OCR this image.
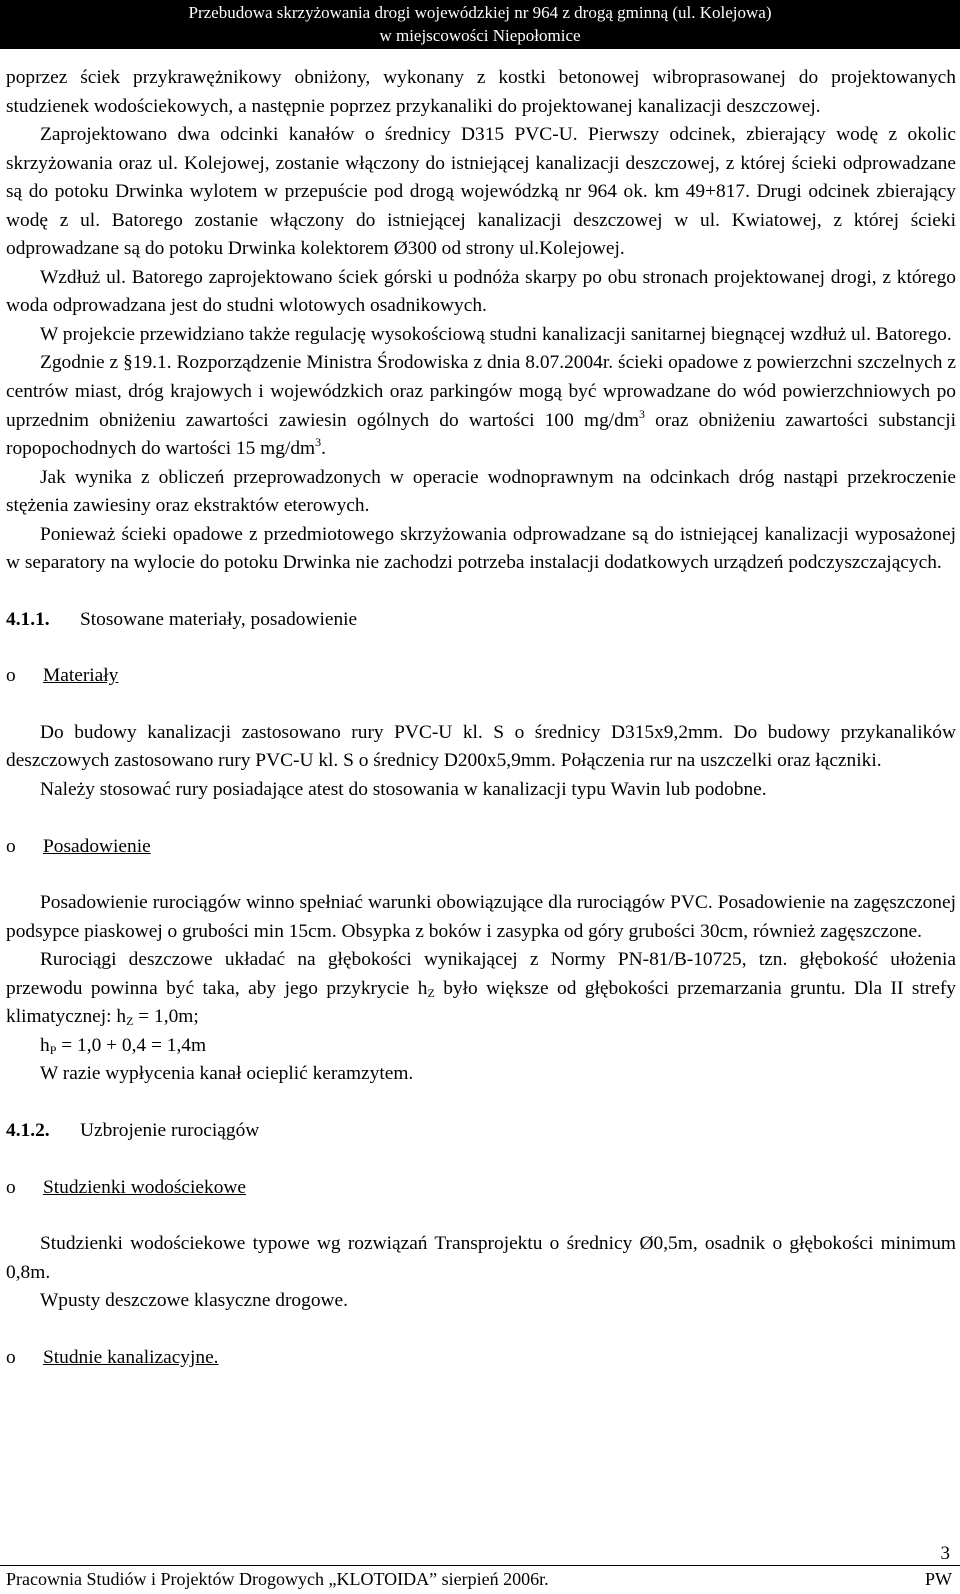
Przebudowa skrzyżowania drogi wojewódzkiej nr 964 z drogą gminną (ul. Kolejowa)
w miejscowości Niepołomice

poprzez ściek przykrawężnikowy obniżony, wykonany z kostki betonowej wibroprasowanej do projektowanych studzienek wodościekowych, a następnie poprzez przykanaliki do projektowanej kanalizacji deszczowej.

Zaprojektowano dwa odcinki kanałów o średnicy D315 PVC-U. Pierwszy odcinek, zbierający wodę z okolic skrzyżowania oraz ul. Kolejowej, zostanie włączony do istniejącej kanalizacji deszczowej, z której ścieki odprowadzane są do potoku Drwinka wylotem w przepuście pod drogą wojewódzką nr 964 ok. km 49+817. Drugi odcinek zbierający wodę z ul. Batorego zostanie włączony do istniejącej kanalizacji deszczowej w ul. Kwiatowej, z której ścieki odprowadzane są do potoku Drwinka kolektorem Ø300 od strony ul.Kolejowej.

Wzdłuż ul. Batorego zaprojektowano ściek górski u podnóża skarpy po obu stronach projektowanej drogi, z którego woda odprowadzana jest do studni wlotowych osadnikowych.

W projekcie przewidziano także regulację wysokościową studni kanalizacji sanitarnej biegnącej wzdłuż ul. Batorego.

Zgodnie z §19.1. Rozporządzenie Ministra Środowiska z dnia 8.07.2004r. ścieki opadowe z powierzchni szczelnych z centrów miast, dróg krajowych i wojewódzkich oraz parkingów mogą być wprowadzane do wód powierzchniowych po uprzednim obniżeniu zawartości zawiesin ogólnych do wartości 100 $mg/dm^3$ oraz obniżeniu zawartości substancji ropopochodnych do wartości 15 $mg/dm^3$.

Jak wynika z obliczeń przeprowadzonych w operacie wodnoprawnym na odcinkach dróg nastąpi przekroczenie stężenia zawiesiny oraz ekstraktów eterowych.

Ponieważ ścieki opadowe z przedmiotowego skrzyżowania odprowadzane są do istniejącej kanalizacji wyposażonej w separatory na wylocie do potoku Drwinka nie zachodzi potrzeba instalacji dodatkowych urządzeń podczyszczających.

4.1.1.	Stosowane materiały, posadowienie
o	Materiały

Do budowy kanalizacji zastosowano rury PVC-U kl. S o średnicy D315x9,2mm. Do budowy przykanalików deszczowych zastosowano rury PVC-U kl. S o średnicy D200x5,9mm. Połączenia rur na uszczelki oraz łączniki.

Należy stosować rury posiadające atest do stosowania w kanalizacji typu Wavin lub podobne.

o	Posadowienie

Posadowienie rurociągów winno spełniać warunki obowiązujące dla rurociągów PVC. Posadowienie na zagęszczonej podsypce piaskowej o grubości min 15cm. Obsypka z boków i zasypka od góry grubości 30cm, również zagęszczone.

Rurociągi deszczowe układać na głębokości wynikającej z Normy PN-81/B-10725, tzn. głębokość ułożenia przewodu powinna być taka, aby jego przykrycie $h_Z$ było większe od głębokości przemarzania gruntu. Dla II strefy klimatycznej: $h_Z = 1,0m$;

$h_P = 1,0 + 0,4 = 1,4m$

W razie wypłycenia kanał ocieplić keramzytem.

4.1.2.	Uzbrojenie rurociągów
o	Studzienki wodościekowe

Studzienki wodościekowe typowe wg rozwiązań Transprojektu o średnicy Ø0,5m, osadnik o głębokości minimum 0,8m.

Wpusty deszczowe klasyczne drogowe.

o	Studnie kanalizacyjne.
3
Pracownia Studiów i Projektów Drogowych „KLOTOIDA” sierpień 2006r.	PW
